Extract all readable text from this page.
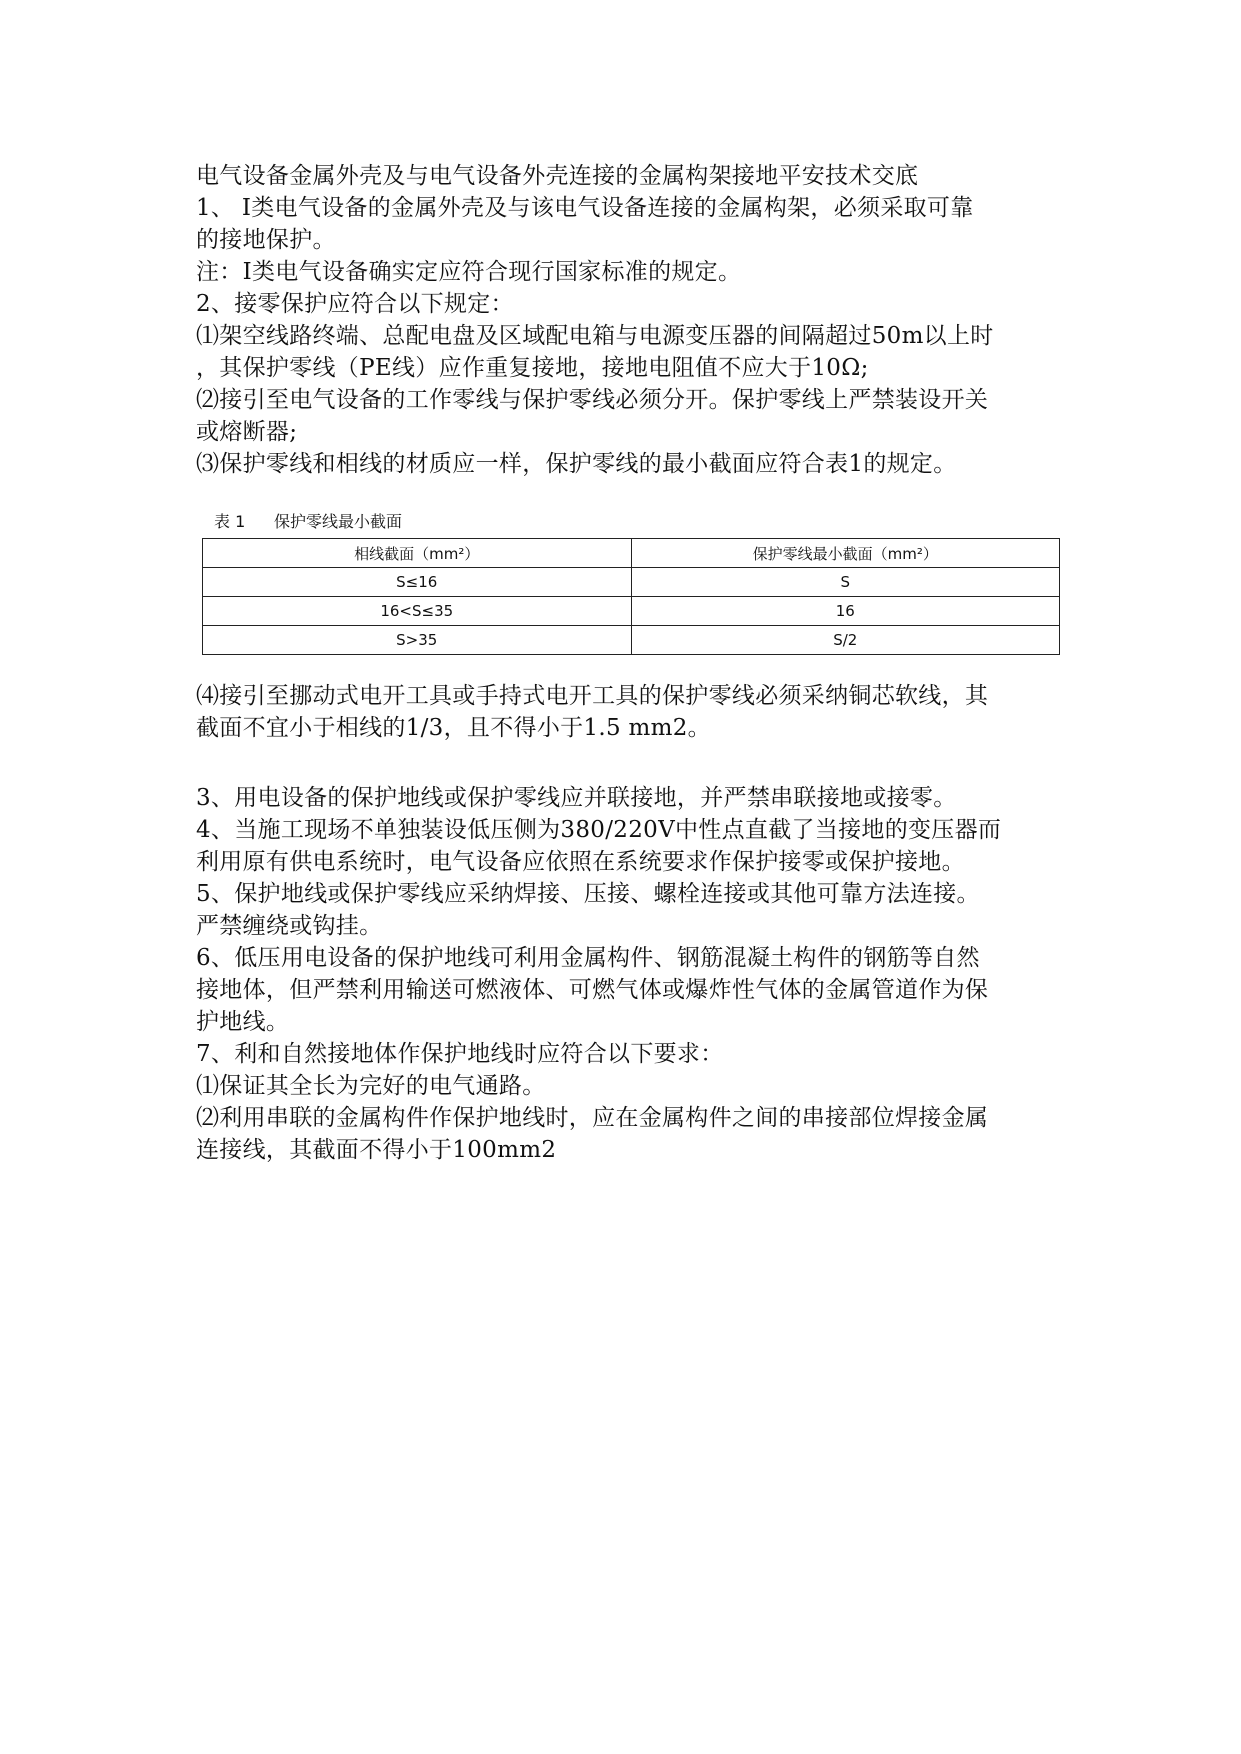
电气设备金属外壳及与电气设备外壳连接的金属构架接地平安技术交底
1、 Ⅰ类电气设备的金属外壳及与该电气设备连接的金属构架，必须采取可靠
的接地保护。
注：Ⅰ类电气设备确实定应符合现行国家标准的规定。
2、接零保护应符合以下规定：
⑴架空线路终端、总配电盘及区域配电箱与电源变压器的间隔超过50m以上时
，其保护零线（PE线）应作重复接地，接地电阻值不应大于10Ω;
⑵接引至电气设备的工作零线与保护零线必须分开。保护零线上严禁装设开关
或熔断器;
⑶保护零线和相线的材质应一样，保护零线的最小截面应符合表1的规定。
表 1 保护零线最小截面
相线截面（mm²）	保护零线最小截面（mm²）
S≤16	S
16<S≤35	16
S>35	S/2
⑷接引至挪动式电开工具或手持式电开工具的保护零线必须采纳铜芯软线，其
截面不宜小于相线的1/3，且不得小于1.5 mm2。
3、用电设备的保护地线或保护零线应并联接地，并严禁串联接地或接零。
4、当施工现场不单独装设低压侧为380/220V中性点直截了当接地的变压器而
利用原有供电系统时，电气设备应依照在系统要求作保护接零或保护接地。
5、保护地线或保护零线应采纳焊接、压接、螺栓连接或其他可靠方法连接。
严禁缠绕或钩挂。
6、低压用电设备的保护地线可利用金属构件、钢筋混凝土构件的钢筋等自然
接地体，但严禁利用输送可燃液体、可燃气体或爆炸性气体的金属管道作为保
护地线。
7、利和自然接地体作保护地线时应符合以下要求：
⑴保证其全长为完好的电气通路。
⑵利用串联的金属构件作保护地线时，应在金属构件之间的串接部位焊接金属
连接线，其截面不得小于100mm2
